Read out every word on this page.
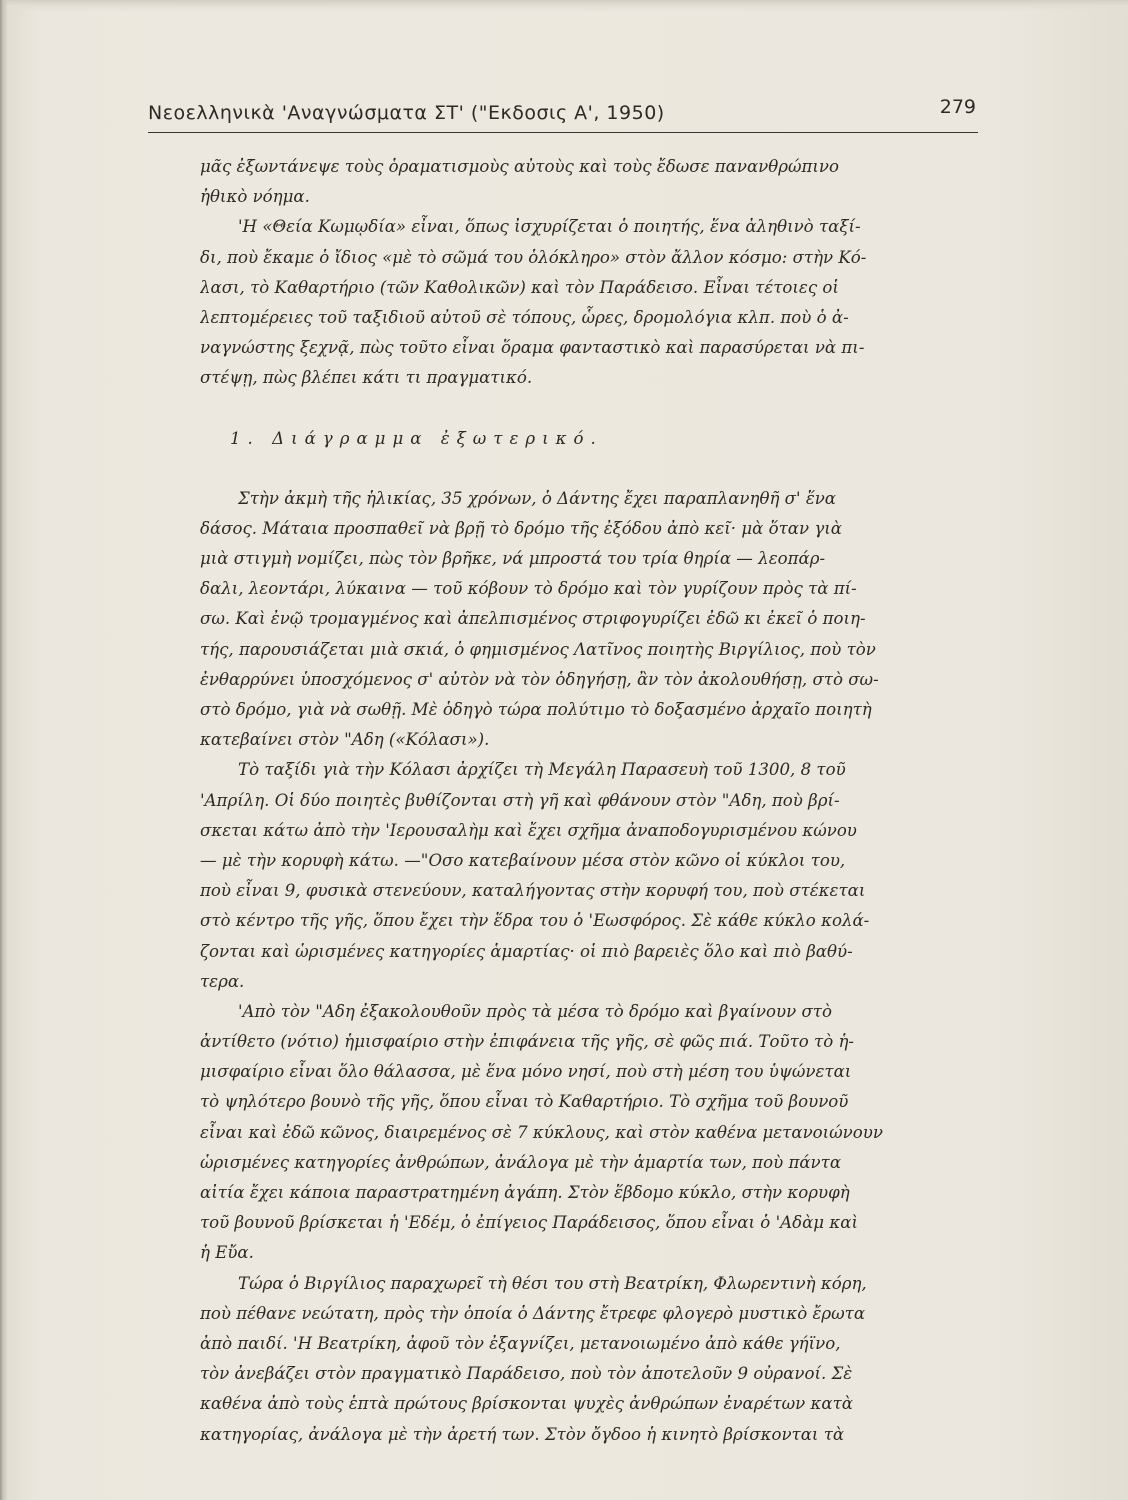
Νεοελληνικὰ 'Αναγνώσματα ΣΤ' ("Εκδοσις Α', 1950)	279
μᾶς ἐξωντάνεψε τοὺς ὁραματισμοὺς αὐτοὺς καὶ τοὺς ἔδωσε πανανθρώπινο
ἠθικὸ νόημα.
'Η «Θεία Κωμῳδία» εἶναι, ὅπως ἰσχυρίζεται ὁ ποιητής, ἕνα ἀληθινὸ ταξί-
δι, ποὺ ἔκαμε ὁ ἴδιος «μὲ τὸ σῶμά του ὁλόκληρο» στὸν ἄλλον κόσμο: στὴν Κό-
λασι, τὸ Καθαρτήριο (τῶν Καθολικῶν) καὶ τὸν Παράδεισο. Εἶναι τέτοιες οἱ
λεπτομέρειες τοῦ ταξιδιοῦ αὐτοῦ σὲ τόπους, ὧρες, δρομολόγια κλπ. ποὺ ὁ ἀ-
ναγνώστης ξεχνᾷ, πὼς τοῦτο εἶναι ὅραμα φανταστικὸ καὶ παρασύρεται νὰ πι-
στέψῃ, πὼς βλέπει κάτι τι πραγματικό.
1. Διάγραμμα ἐξωτερικό.
Στὴν ἀκμὴ τῆς ἡλικίας, 35 χρόνων, ὁ Δάντης ἔχει παραπλανηθῆ σ' ἕνα
δάσος. Μάταια προσπαθεῖ νὰ βρῇ τὸ δρόμο τῆς ἐξόδου ἀπὸ κεῖ· μὰ ὅταν γιὰ
μιὰ στιγμὴ νομίζει, πὼς τὸν βρῆκε, νά μπροστά του τρία θηρία — λεοπάρ-
δαλι, λεοντάρι, λύκαινα — τοῦ κόβουν τὸ δρόμο καὶ τὸν γυρίζουν πρὸς τὰ πί-
σω. Καὶ ἐνῷ τρομαγμένος καὶ ἀπελπισμένος στριφογυρίζει ἐδῶ κι ἐκεῖ ὁ ποιη-
τής, παρουσιάζεται μιὰ σκιά, ὁ φημισμένος Λατῖνος ποιητὴς Βιργίλιος, ποὺ τὸν
ἐνθαρρύνει ὑποσχόμενος σ' αὐτὸν νὰ τὸν ὁδηγήσῃ, ἂν τὸν ἀκολουθήσῃ, στὸ σω-
στὸ δρόμο, γιὰ νὰ σωθῇ. Μὲ ὁδηγὸ τώρα πολύτιμο τὸ δοξασμένο ἀρχαῖο ποιητὴ
κατεβαίνει στὸν "Αδη («Κόλασι»).
Τὸ ταξίδι γιὰ τὴν Κόλασι ἀρχίζει τὴ Μεγάλη Παρασευὴ τοῦ 1300, 8 τοῦ
'Απρίλη. Οἱ δύο ποιητὲς βυθίζονται στὴ γῆ καὶ φθάνουν στὸν "Αδη, ποὺ βρί-
σκεται κάτω ἀπὸ τὴν 'Ιερουσαλὴμ καὶ ἔχει σχῆμα ἀναποδογυρισμένου κώνου
— μὲ τὴν κορυφὴ κάτω. —"Οσο κατεβαίνουν μέσα στὸν κῶνο οἱ κύκλοι του,
ποὺ εἶναι 9, φυσικὰ στενεύουν, καταλήγοντας στὴν κορυφή του, ποὺ στέκεται
στὸ κέντρο τῆς γῆς, ὅπου ἔχει τὴν ἕδρα του ὁ 'Εωσφόρος. Σὲ κάθε κύκλο κολά-
ζονται καὶ ὡρισμένες κατηγορίες ἁμαρτίας· οἱ πιὸ βαρειὲς ὅλο καὶ πιὸ βαθύ-
τερα.
'Απὸ τὸν "Αδη ἐξακολουθοῦν πρὸς τὰ μέσα τὸ δρόμο καὶ βγαίνουν στὸ
ἀντίθετο (νότιο) ἡμισφαίριο στὴν ἐπιφάνεια τῆς γῆς, σὲ φῶς πιά. Τοῦτο τὸ ἡ-
μισφαίριο εἶναι ὅλο θάλασσα, μὲ ἕνα μόνο νησί, ποὺ στὴ μέση του ὑψώνεται
τὸ ψηλότερο βουνὸ τῆς γῆς, ὅπου εἶναι τὸ Καθαρτήριο. Τὸ σχῆμα τοῦ βουνοῦ
εἶναι καὶ ἐδῶ κῶνος, διαιρεμένος σὲ 7 κύκλους, καὶ στὸν καθένα μετανοιώνουν
ὡρισμένες κατηγορίες ἀνθρώπων, ἀνάλογα μὲ τὴν ἁμαρτία των, ποὺ πάντα
αἰτία ἔχει κάποια παραστρατημένη ἀγάπη. Στὸν ἕβδομο κύκλο, στὴν κορυφὴ
τοῦ βουνοῦ βρίσκεται ἡ 'Εδέμ, ὁ ἐπίγειος Παράδεισος, ὅπου εἶναι ὁ 'Αδὰμ καὶ
ἡ Εὔα.
Τώρα ὁ Βιργίλιος παραχωρεῖ τὴ θέσι του στὴ Βεατρίκη, Φλωρεντινὴ κόρη,
ποὺ πέθανε νεώτατη, πρὸς τὴν ὁποία ὁ Δάντης ἔτρεφε φλογερὸ μυστικὸ ἔρωτα
ἀπὸ παιδί. 'Η Βεατρίκη, ἀφοῦ τὸν ἐξαγνίζει, μετανοιωμένο ἀπὸ κάθε γήϊνο,
τὸν ἀνεβάζει στὸν πραγματικὸ Παράδεισο, ποὺ τὸν ἀποτελοῦν 9 οὐρανοί. Σὲ
καθένα ἀπὸ τοὺς ἑπτὰ πρώτους βρίσκονται ψυχὲς ἀνθρώπων ἐναρέτων κατὰ
κατηγορίας, ἀνάλογα μὲ τὴν ἀρετή των. Στὸν ὄγδοο ἡ κινητὸ βρίσκονται τὰ
